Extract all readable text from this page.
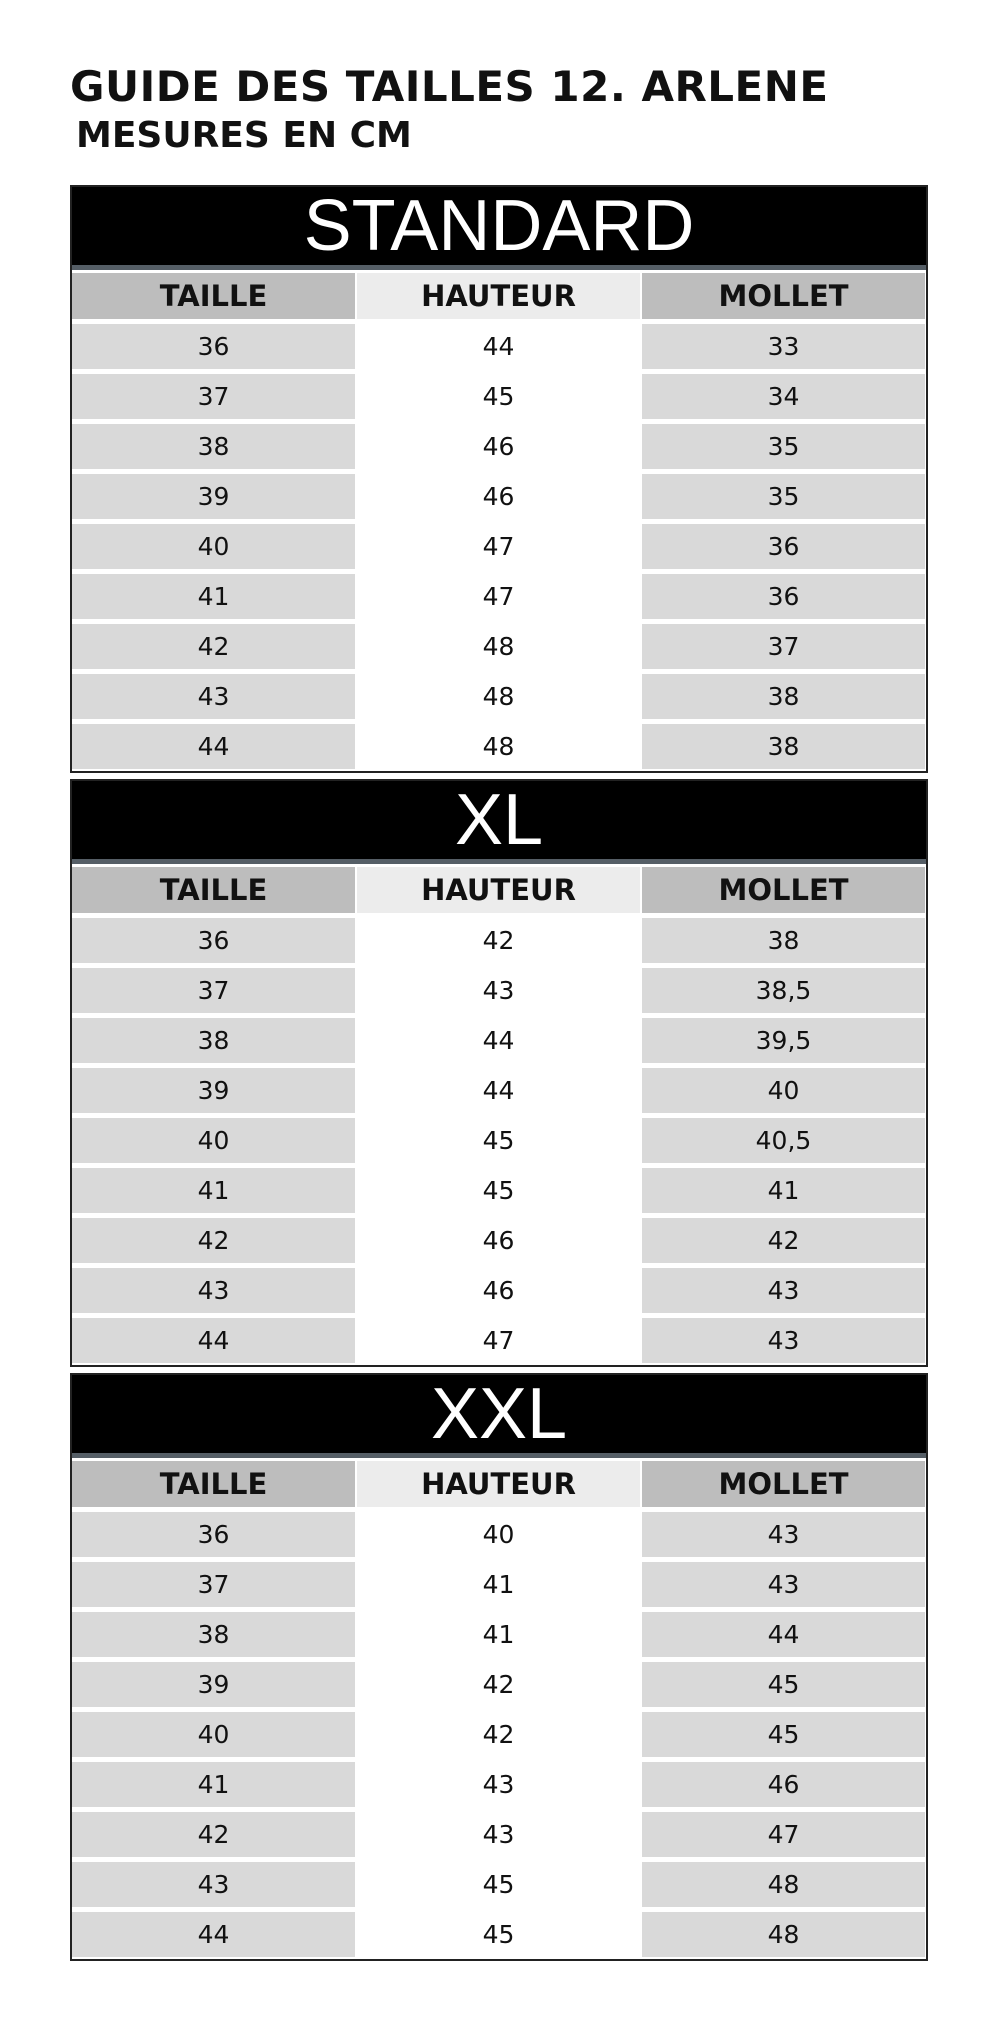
GUIDE DES TAILLES 12. ARLENE
MESURES EN CM
STANDARD
TAILLE	HAUTEUR	MOLLET
36	44	33
37	45	34
38	46	35
39	46	35
40	47	36
41	47	36
42	48	37
43	48	38
44	48	38
XL
TAILLE	HAUTEUR	MOLLET
36	42	38
37	43	38,5
38	44	39,5
39	44	40
40	45	40,5
41	45	41
42	46	42
43	46	43
44	47	43
XXL
TAILLE	HAUTEUR	MOLLET
36	40	43
37	41	43
38	41	44
39	42	45
40	42	45
41	43	46
42	43	47
43	45	48
44	45	48
